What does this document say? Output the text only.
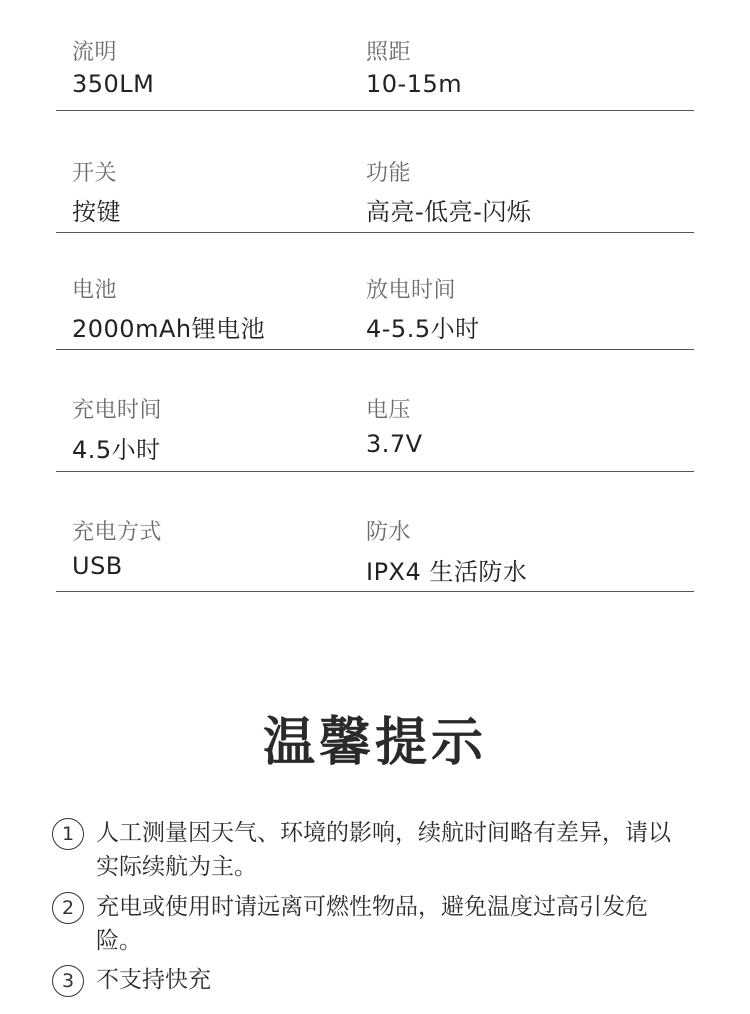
流明
350LM
照距
10-15m
开关
按键
功能
高亮-低亮-闪烁
电池
2000mAh锂电池
放电时间
4-5.5小时
充电时间
4.5小时
电压
3.7V
充电方式
USB
防水
IPX4 生活防水
温馨提示
1 人工测量因天气、环境的影响，续航时间略有差异，请以实际续航为主。
2 充电或使用时请远离可燃性物品，避免温度过高引发危险。
3 不支持快充
